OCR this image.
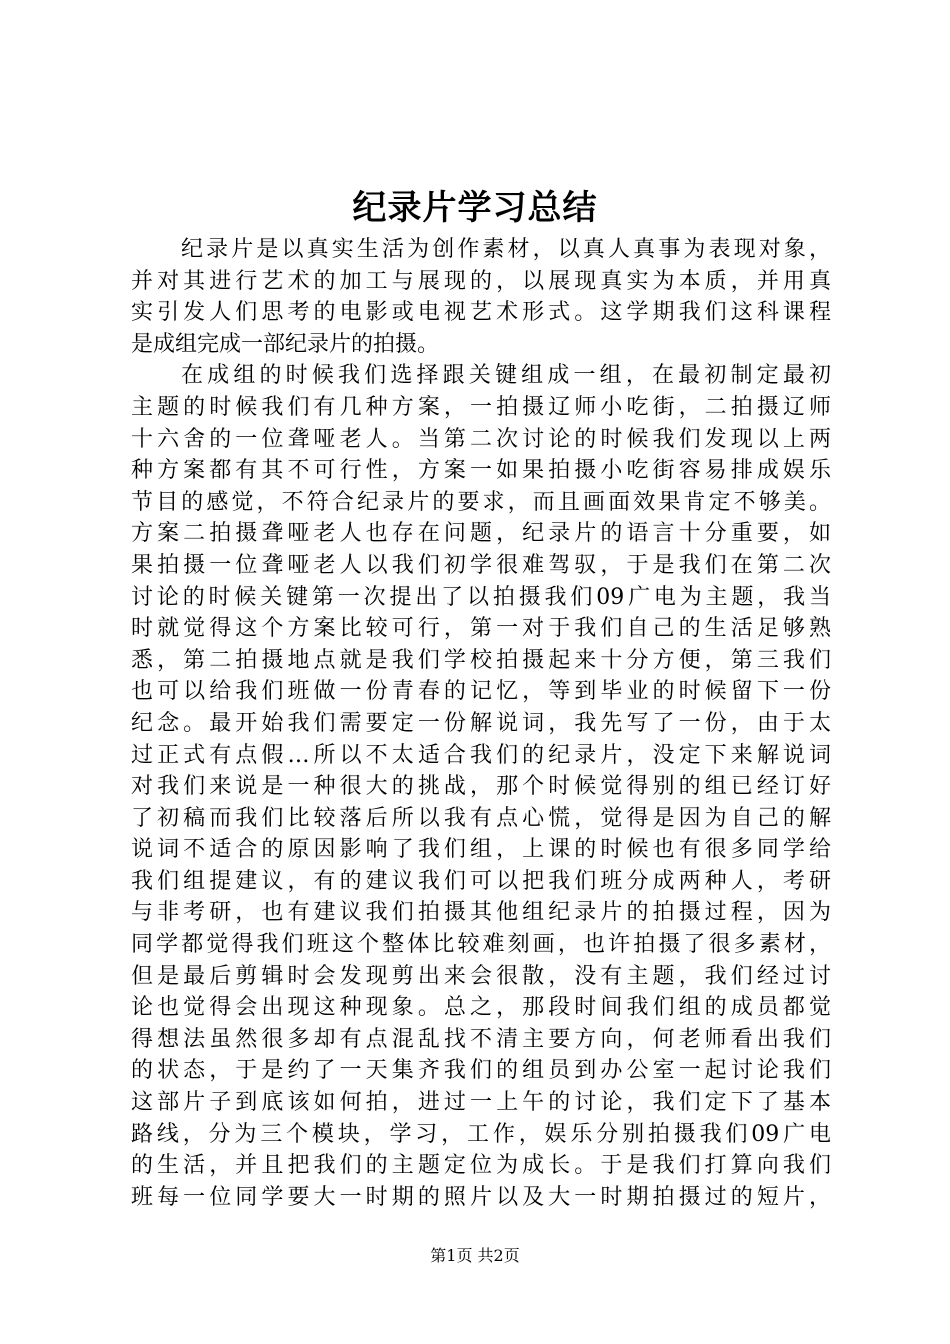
纪录片学习总结
纪录片是以真实生活为创作素材，以真人真事为表现对象，
并对其进行艺术的加工与展现的，以展现真实为本质，并用真
实引发人们思考的电影或电视艺术形式。这学期我们这科课程
是成组完成一部纪录片的拍摄。
在成组的时候我们选择跟关键组成一组，在最初制定最初
主题的时候我们有几种方案，一拍摄辽师小吃街，二拍摄辽师
十六舍的一位聋哑老人。当第二次讨论的时候我们发现以上两
种方案都有其不可行性，方案一如果拍摄小吃街容易排成娱乐
节目的感觉，不符合纪录片的要求，而且画面效果肯定不够美。
方案二拍摄聋哑老人也存在问题，纪录片的语言十分重要，如
果拍摄一位聋哑老人以我们初学很难驾驭，于是我们在第二次
讨论的时候关键第一次提出了以拍摄我们09广电为主题，我当
时就觉得这个方案比较可行，第一对于我们自己的生活足够熟
悉，第二拍摄地点就是我们学校拍摄起来十分方便，第三我们
也可以给我们班做一份青春的记忆，等到毕业的时候留下一份
纪念。最开始我们需要定一份解说词，我先写了一份，由于太
过正式有点假…所以不太适合我们的纪录片，没定下来解说词
对我们来说是一种很大的挑战，那个时候觉得别的组已经订好
了初稿而我们比较落后所以我有点心慌，觉得是因为自己的解
说词不适合的原因影响了我们组，上课的时候也有很多同学给
我们组提建议，有的建议我们可以把我们班分成两种人，考研
与非考研，也有建议我们拍摄其他组纪录片的拍摄过程，因为
同学都觉得我们班这个整体比较难刻画，也许拍摄了很多素材，
但是最后剪辑时会发现剪出来会很散，没有主题，我们经过讨
论也觉得会出现这种现象。总之，那段时间我们组的成员都觉
得想法虽然很多却有点混乱找不清主要方向，何老师看出我们
的状态，于是约了一天集齐我们的组员到办公室一起讨论我们
这部片子到底该如何拍，进过一上午的讨论，我们定下了基本
路线，分为三个模块，学习，工作，娱乐分别拍摄我们09广电
的生活，并且把我们的主题定位为成长。于是我们打算向我们
班每一位同学要大一时期的照片以及大一时期拍摄过的短片，
第1页 共2页
